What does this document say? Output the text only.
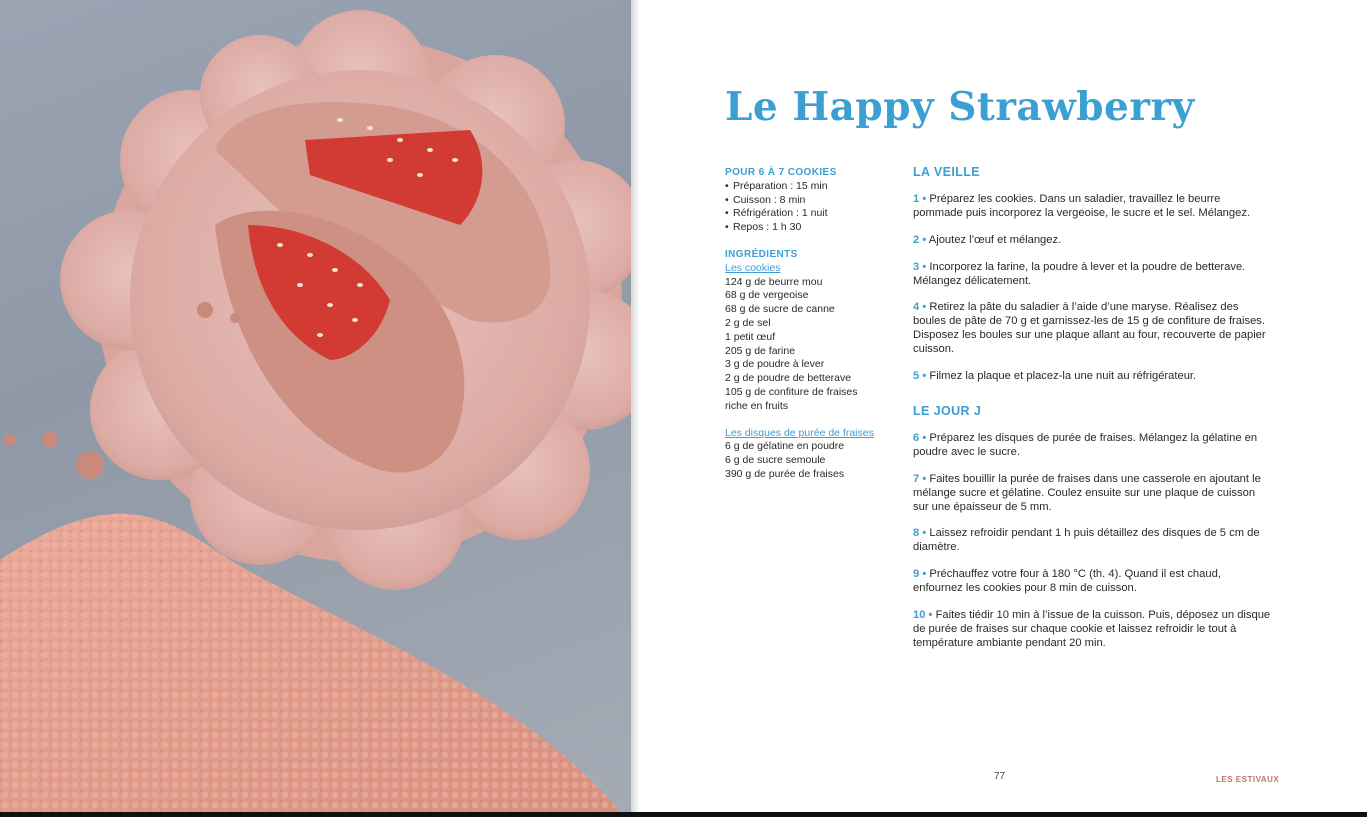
Le Happy Strawberry
POUR 6 À 7 COOKIES
• Préparation : 15 min
• Cuisson : 8 min
• Réfrigération : 1 nuit
• Repos : 1 h 30
INGRÉDIENTS
Les cookies
124 g de beurre mou
68 g de vergeoise
68 g de sucre de canne
2 g de sel
1 petit œuf
205 g de farine
3 g de poudre à lever
2 g de poudre de betterave
105 g de confiture de fraises riche en fruits
Les disques de purée de fraises
6 g de gélatine en poudre
6 g de sucre semoule
390 g de purée de fraises
LA VEILLE
1 • Préparez les cookies. Dans un saladier, travaillez le beurre pommade puis incorporez la vergeoise, le sucre et le sel. Mélangez.
2 • Ajoutez l’œuf et mélangez.
3 • Incorporez la farine, la poudre à lever et la poudre de betterave. Mélangez délicatement.
4 • Retirez la pâte du saladier à l’aide d’une maryse. Réalisez des boules de pâte de 70 g et garnissez-les de 15 g de confiture de fraises. Disposez les boules sur une plaque allant au four, recouverte de papier cuisson.
5 • Filmez la plaque et placez-la une nuit au réfrigérateur.
LE JOUR J
6 • Préparez les disques de purée de fraises. Mélangez la gélatine en poudre avec le sucre.
7 • Faites bouillir la purée de fraises dans une casserole en ajoutant le mélange sucre et gélatine. Coulez ensuite sur une plaque de cuisson sur une épaisseur de 5 mm.
8 • Laissez refroidir pendant 1 h puis détaillez des disques de 5 cm de diamètre.
9 • Préchauffez votre four à 180 °C (th. 4). Quand il est chaud, enfournez les cookies pour 8 min de cuisson.
10 • Faites tiédir 10 min à l’issue de la cuisson. Puis, déposez un disque de purée de fraises sur chaque cookie et laissez refroidir le tout à température ambiante pendant 20 min.
77	LES ESTIVAUX
